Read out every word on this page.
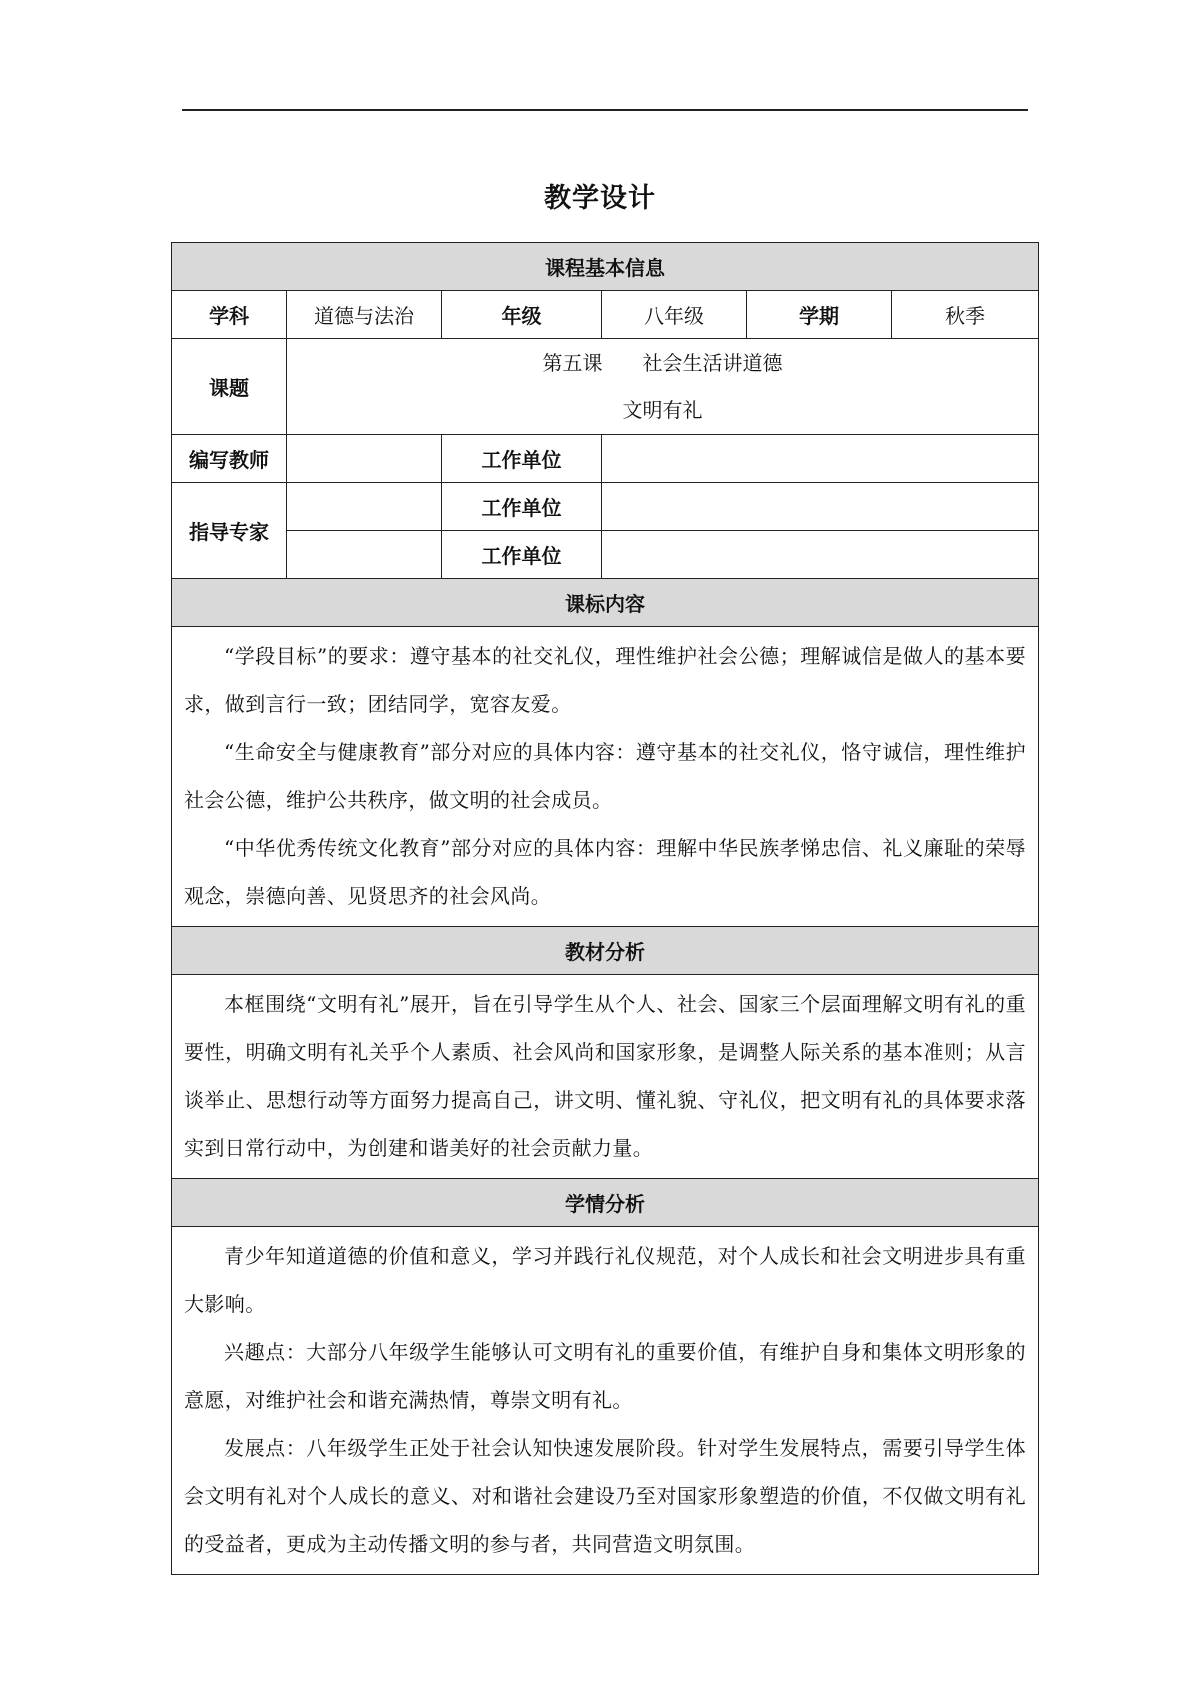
教学设计
课程基本信息					
学科	道德与法治	年级	八年级	学期	秋季
课题	第五课 社会生活讲道德
文明有礼				

编写教师		工作单位			
指导专家		工作单位			
		工作单位			
课标内容					

“学段目标”的要求：遵守基本的社交礼仪，理性维护社会公德；理解诚信是做人的基本要求，做到言行一致；团结同学，宽容友爱。

“生命安全与健康教育”部分对应的具体内容：遵守基本的社交礼仪，恪守诚信，理性维护社会公德，维护公共秩序，做文明的社会成员。

“中华优秀传统文化教育”部分对应的具体内容：理解中华民族孝悌忠信、礼义廉耻的荣辱观念，崇德向善、见贤思齐的社会风尚。					

教材分析					

本框围绕“文明有礼”展开，旨在引导学生从个人、社会、国家三个层面理解文明有礼的重要性，明确文明有礼关乎个人素质、社会风尚和国家形象，是调整人际关系的基本准则；从言谈举止、思想行动等方面努力提高自己，讲文明、懂礼貌、守礼仪，把文明有礼的具体要求落实到日常行动中，为创建和谐美好的社会贡献力量。					

学情分析					

青少年知道道德的价值和意义，学习并践行礼仪规范，对个人成长和社会文明进步具有重大影响。

兴趣点：大部分八年级学生能够认可文明有礼的重要价值，有维护自身和集体文明形象的意愿，对维护社会和谐充满热情，尊崇文明有礼。

发展点：八年级学生正处于社会认知快速发展阶段。针对学生发展特点，需要引导学生体会文明有礼对个人成长的意义、对和谐社会建设乃至对国家形象塑造的价值，不仅做文明有礼的受益者，更成为主动传播文明的参与者，共同营造文明氛围。					
